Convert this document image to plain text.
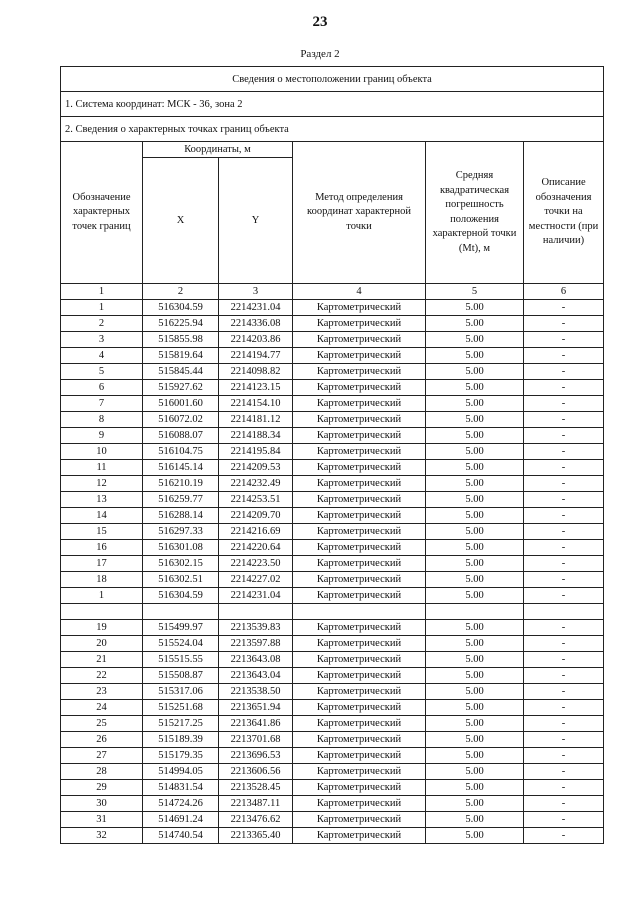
23
Раздел 2
Сведения о местоположении границ объекта					
1. Система координат: МСК - 36, зона 2					
2. Сведения о характерных точках границ объекта					
Обозначение характерных точек границ	Координаты, м		Метод определения координат характерной точки	Средняя квадратическая погрешность положения характерной точки (Mt), м	Описание обозначения точки на местности (при наличии)
	X	Y			
1	2	3	4	5	6
1	516304.59	2214231.04	Картометрический	5.00	-
2	516225.94	2214336.08	Картометрический	5.00	-
3	515855.98	2214203.86	Картометрический	5.00	-
4	515819.64	2214194.77	Картометрический	5.00	-
5	515845.44	2214098.82	Картометрический	5.00	-
6	515927.62	2214123.15	Картометрический	5.00	-
7	516001.60	2214154.10	Картометрический	5.00	-
8	516072.02	2214181.12	Картометрический	5.00	-
9	516088.07	2214188.34	Картометрический	5.00	-
10	516104.75	2214195.84	Картометрический	5.00	-
11	516145.14	2214209.53	Картометрический	5.00	-
12	516210.19	2214232.49	Картометрический	5.00	-
13	516259.77	2214253.51	Картометрический	5.00	-
14	516288.14	2214209.70	Картометрический	5.00	-
15	516297.33	2214216.69	Картометрический	5.00	-
16	516301.08	2214220.64	Картометрический	5.00	-
17	516302.15	2214223.50	Картометрический	5.00	-
18	516302.51	2214227.02	Картометрический	5.00	-
1	516304.59	2214231.04	Картометрический	5.00	-

19	515499.97	2213539.83	Картометрический	5.00	-
20	515524.04	2213597.88	Картометрический	5.00	-
21	515515.55	2213643.08	Картометрический	5.00	-
22	515508.87	2213643.04	Картометрический	5.00	-
23	515317.06	2213538.50	Картометрический	5.00	-
24	515251.68	2213651.94	Картометрический	5.00	-
25	515217.25	2213641.86	Картометрический	5.00	-
26	515189.39	2213701.68	Картометрический	5.00	-
27	515179.35	2213696.53	Картометрический	5.00	-
28	514994.05	2213606.56	Картометрический	5.00	-
29	514831.54	2213528.45	Картометрический	5.00	-
30	514724.26	2213487.11	Картометрический	5.00	-
31	514691.24	2213476.62	Картометрический	5.00	-
32	514740.54	2213365.40	Картометрический	5.00	-
